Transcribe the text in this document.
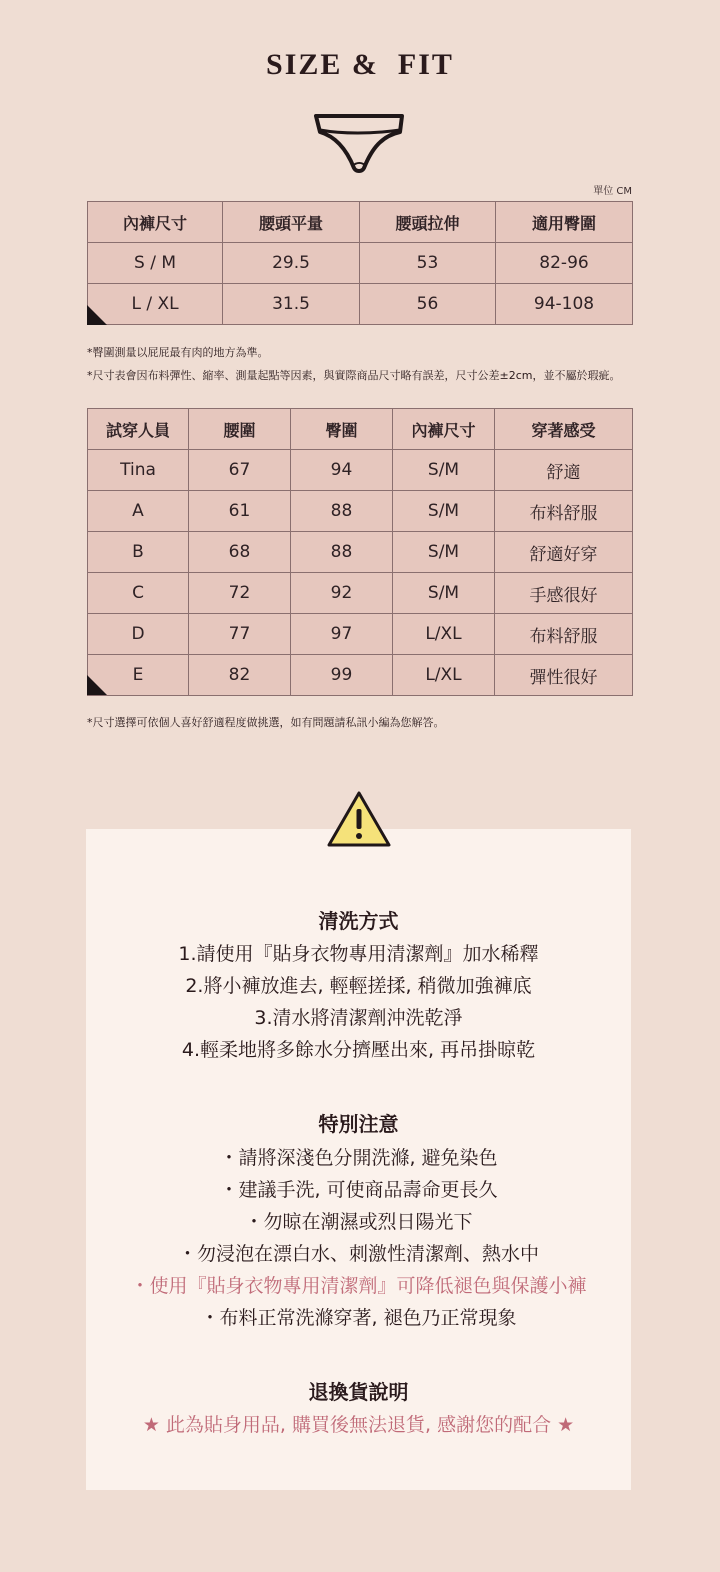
SIZE &  FIT
單位 CM
內褲尺寸	腰頭平量	腰頭拉伸	適用臀圍
S / M	29.5	53	82-96
L / XL	31.5	56	94-108
*臀圍測量以屁屁最有肉的地方為準。
*尺寸表會因布料彈性、縮率、測量起點等因素，與實際商品尺寸略有誤差，尺寸公差±2cm，並不屬於瑕疵。
試穿人員	腰圍	臀圍	內褲尺寸	穿著感受
Tina	67	94	S/M	舒適
A	61	88	S/M	布料舒服
B	68	88	S/M	舒適好穿
C	72	92	S/M	手感很好
D	77	97	L/XL	布料舒服
E	82	99	L/XL	彈性很好
*尺寸選擇可依個人喜好舒適程度做挑選，如有問題請私訊小編為您解答。
清洗方式
1.請使用『貼身衣物專用清潔劑』加水稀釋
2.將小褲放進去, 輕輕搓揉, 稍微加強褲底
3.清水將清潔劑沖洗乾淨
4.輕柔地將多餘水分擠壓出來, 再吊掛晾乾
特別注意
・請將深淺色分開洗滌, 避免染色
・建議手洗, 可使商品壽命更長久
・勿晾在潮濕或烈日陽光下
・勿浸泡在漂白水、刺激性清潔劑、熱水中
・使用『貼身衣物專用清潔劑』可降低褪色與保護小褲
・布料正常洗滌穿著, 褪色乃正常現象
退換貨說明
★ 此為貼身用品, 購買後無法退貨, 感謝您的配合 ★
